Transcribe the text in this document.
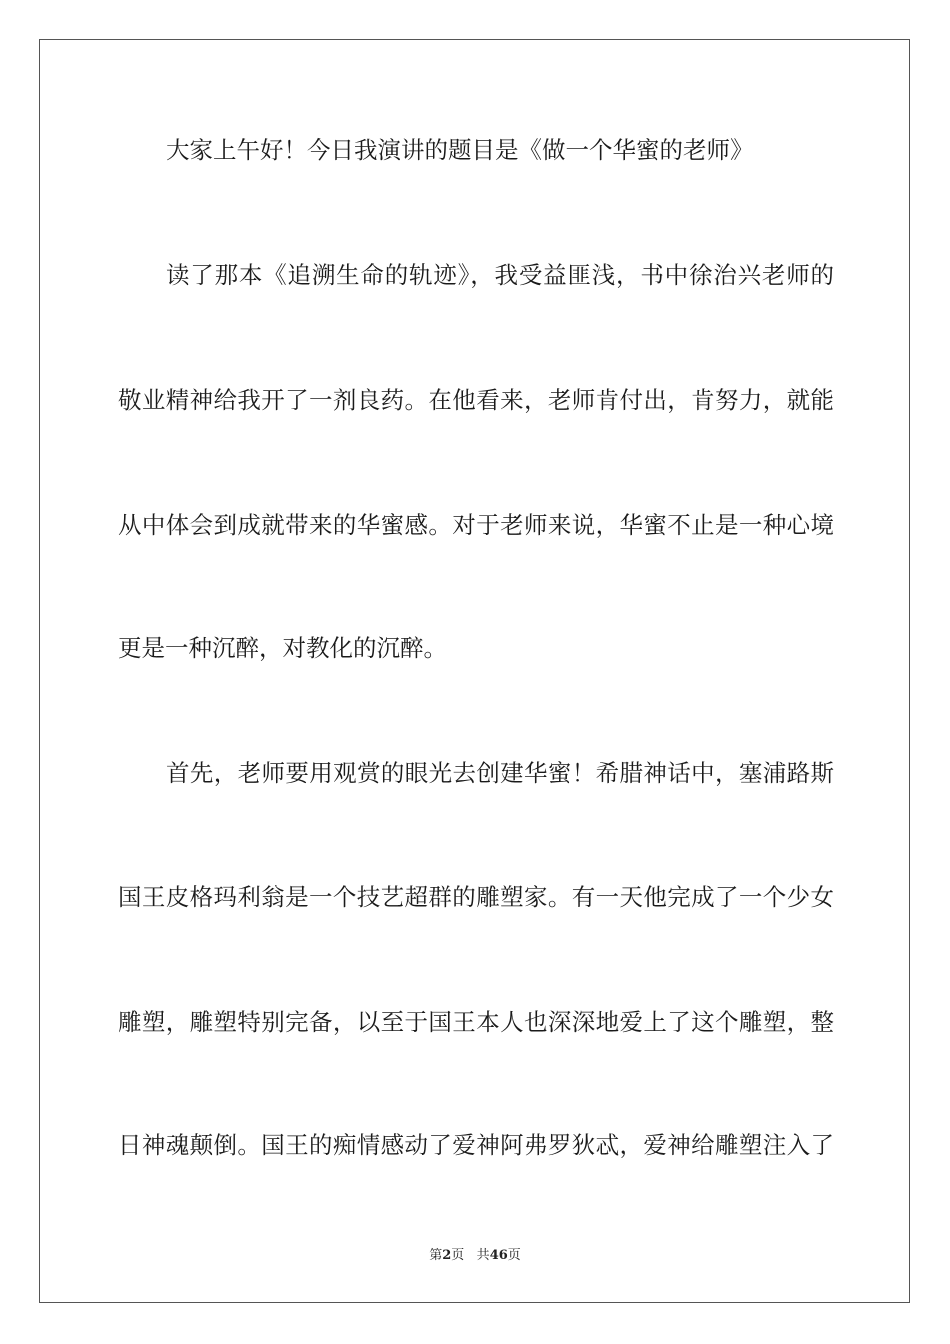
大家上午好！今日我演讲的题目是《做一个华蜜的老师》
读了那本《追溯生命的轨迹》，我受益匪浅，书中徐治兴老师的
敬业精神给我开了一剂良药。在他看来，老师肯付出，肯努力，就能
从中体会到成就带来的华蜜感。对于老师来说，华蜜不止是一种心境
更是一种沉醉，对教化的沉醉。
首先，老师要用观赏的眼光去创建华蜜！希腊神话中，塞浦路斯
国王皮格玛利翁是一个技艺超群的雕塑家。有一天他完成了一个少女
雕塑，雕塑特别完备，以至于国王本人也深深地爱上了这个雕塑，整
日神魂颠倒。国王的痴情感动了爱神阿弗罗狄忒，爱神给雕塑注入了
第2页 共46页
